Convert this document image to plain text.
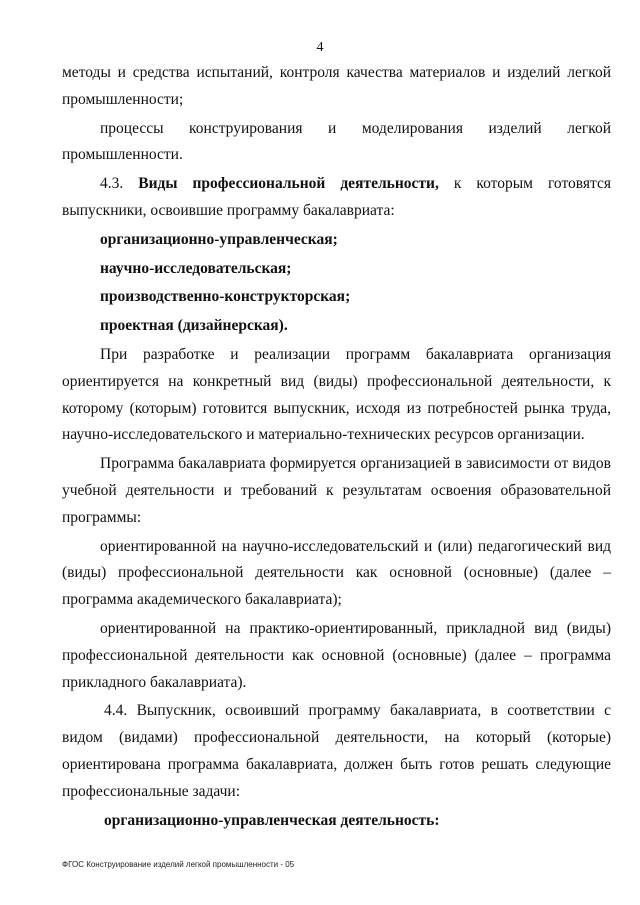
4

методы и средства испытаний, контроля качества материалов и изделий легкой промышленности;

процессы конструирования и моделирования изделий легкой промышленности.

4.3. Виды профессиональной деятельности, к которым готовятся выпускники, освоившие программу бакалавриата:

организационно-управленческая;

научно-исследовательская;

производственно-конструкторская;

проектная (дизайнерская).

При разработке и реализации программ бакалавриата организация ориентируется на конкретный вид (виды) профессиональной деятельности, к которому (которым) готовится выпускник, исходя из потребностей рынка труда, научно-исследовательского и материально-технических ресурсов организации.

Программа бакалавриата формируется организацией в зависимости от видов учебной деятельности и требований к результатам освоения образовательной программы:

ориентированной на научно-исследовательский и (или) педагогический вид (виды) профессиональной деятельности как основной (основные) (далее – программа академического бакалавриата);

ориентированной на практико-ориентированный, прикладной вид (виды) профессиональной деятельности как основной (основные) (далее – программа прикладного бакалавриата).

4.4. Выпускник, освоивший программу бакалавриата, в соответствии с видом (видами) профессиональной деятельности, на который (которые) ориентирована программа бакалавриата, должен быть готов решать следующие профессиональные задачи:

организационно-управленческая деятельность:

ФГОС Конструирование изделий легкой промышленности - 05
